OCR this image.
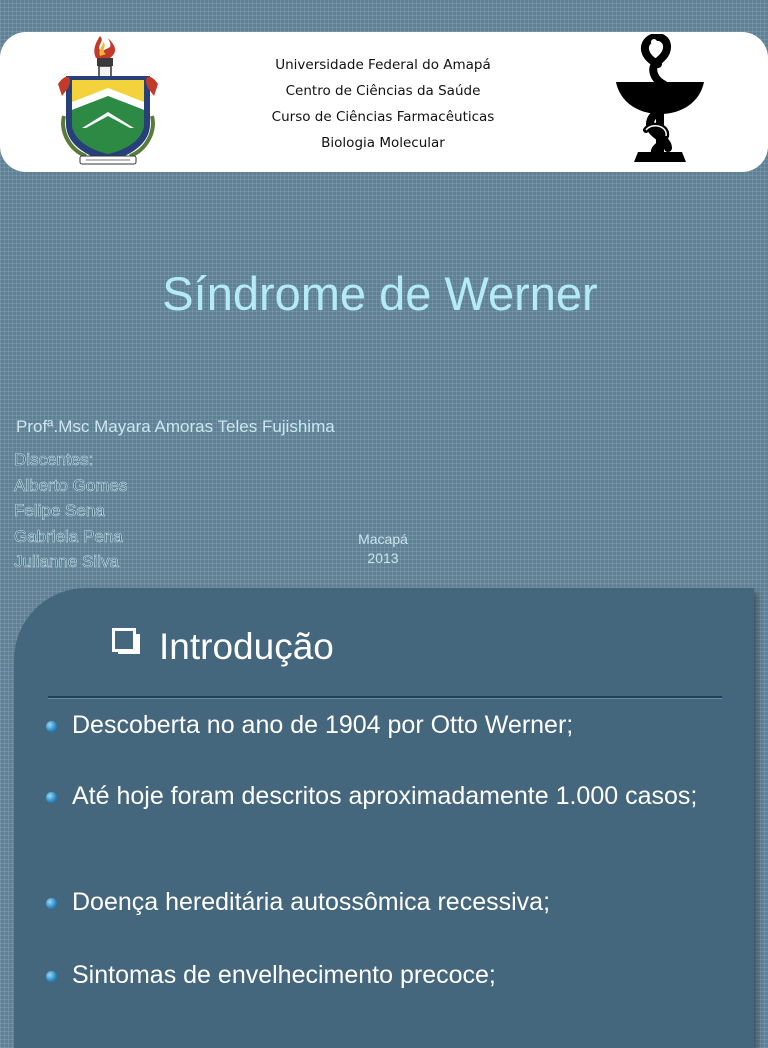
Universidade Federal do Amapá
Centro de Ciências da Saúde
Curso de Ciências Farmacêuticas
Biologia Molecular
Síndrome de Werner
Profª.Msc Mayara Amoras Teles Fujishima
Discentes:
Alberto Gomes
Felipe Sena
Gabriela Pena
Julianne Silva
Macapá
2013
Introdução
Descoberta no ano de 1904 por Otto Werner;
Até hoje foram descritos aproximadamente 1.000 casos;
Doença hereditária autossômica recessiva;
Sintomas de envelhecimento precoce;
